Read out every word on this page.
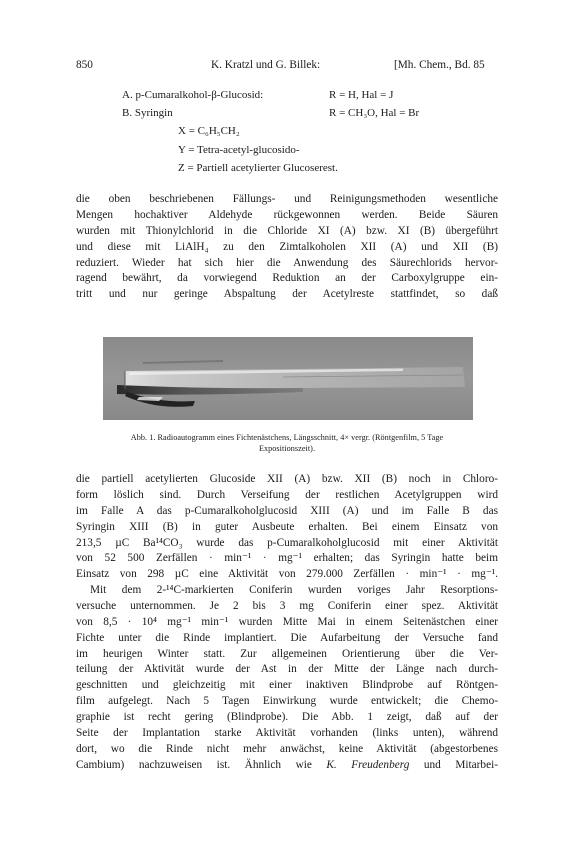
850	K. Kratzl und G. Billek:	[Mh. Chem., Bd. 85
A. p-Cumaralkohol-β-Glucosid:	R = H, Hal = J
B. Syringin	R = CH₃O, Hal = Br
X = C₆H₅CH₂
Y = Tetra-acetyl-glucosido-
Z = Partiell acetylierter Glucoserest.
die oben beschriebenen Fällungs- und Reinigungsmethoden wesentliche
Mengen hochaktiver Aldehyde rückgewonnen werden. Beide Säuren
wurden mit Thionylchlorid in die Chloride XI (A) bzw. XI (B) übergeführt
und diese mit LiAlH₄ zu den Zimtalkoholen XII (A) und XII (B)
reduziert. Wieder hat sich hier die Anwendung des Säurechlorids hervor-
ragend bewährt, da vorwiegend Reduktion an der Carboxylgruppe ein-
tritt und nur geringe Abspaltung der Acetylreste stattfindet, so daß
Abb. 1. Radioautogramm eines Fichtenästchens, Längsschnitt, 4× vergr. (Röntgenfilm, 5 Tage
Expositionszeit).
die partiell acetylierten Glucoside XII (A) bzw. XII (B) noch in Chloro-
form löslich sind. Durch Verseifung der restlichen Acetylgruppen wird
im Falle A das p-Cumaralkoholglucosid XIII (A) und im Falle B das
Syringin XIII (B) in guter Ausbeute erhalten. Bei einem Einsatz von
213,5 µC Ba¹⁴CO₃ wurde das p-Cumaralkoholglucosid mit einer Aktivität
von 52 500 Zerfällen · min⁻¹ · mg⁻¹ erhalten; das Syringin hatte beim
Einsatz von 298 µC eine Aktivität von 279.000 Zerfällen · min⁻¹ · mg⁻¹.
Mit dem 2-¹⁴C-markierten Coniferin wurden voriges Jahr Resorptions-
versuche unternommen. Je 2 bis 3 mg Coniferin einer spez. Aktivität
von 8,5 · 10⁴ mg⁻¹ min⁻¹ wurden Mitte Mai in einem Seitenästchen einer
Fichte unter die Rinde implantiert. Die Aufarbeitung der Versuche fand
im heurigen Winter statt. Zur allgemeinen Orientierung über die Ver-
teilung der Aktivität wurde der Ast in der Mitte der Länge nach durch-
geschnitten und gleichzeitig mit einer inaktiven Blindprobe auf Röntgen-
film aufgelegt. Nach 5 Tagen Einwirkung wurde entwickelt; die Chemo-
graphie ist recht gering (Blindprobe). Die Abb. 1 zeigt, daß auf der
Seite der Implantation starke Aktivität vorhanden (links unten), während
dort, wo die Rinde nicht mehr anwächst, keine Aktivität (abgestorbenes
Cambium) nachzuweisen ist. Ähnlich wie K. Freudenberg und Mitarbei-
